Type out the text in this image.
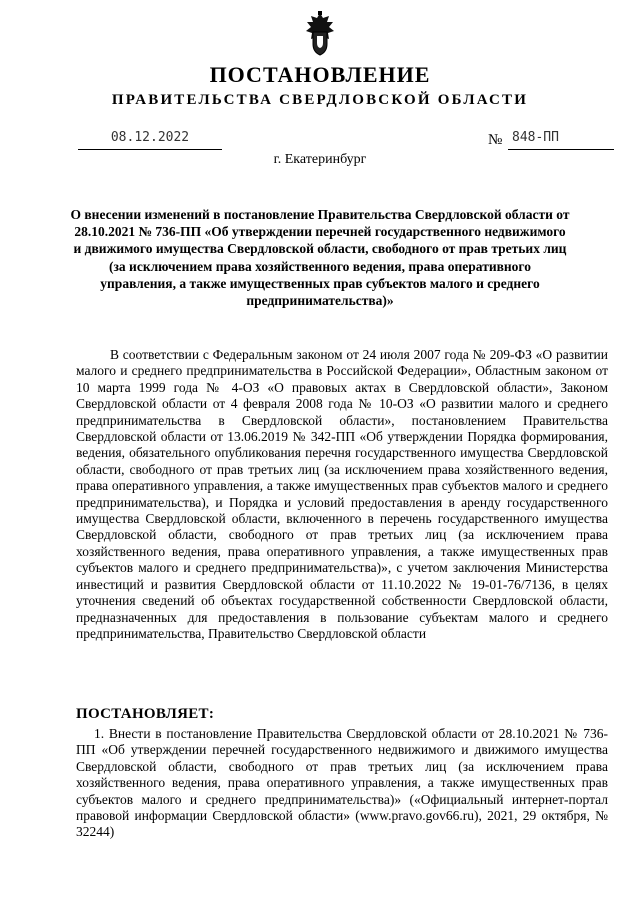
ПОСТАНОВЛЕНИЕ
ПРАВИТЕЛЬСТВА СВЕРДЛОВСКОЙ ОБЛАСТИ
08.12.2022	№ 848-ПП
г. Екатеринбург
О внесении изменений в постановление Правительства Свердловской области от 28.10.2021 № 736-ПП «Об утверждении перечней государственного недвижимого и движимого имущества Свердловской области, свободного от прав третьих лиц (за исключением права хозяйственного ведения, права оперативного управления, а также имущественных прав субъектов малого и среднего предпринимательства)»
В соответствии с Федеральным законом от 24 июля 2007 года № 209-ФЗ «О развитии малого и среднего предпринимательства в Российской Федерации», Областным законом от 10 марта 1999 года № 4-ОЗ «О правовых актах в Свердловской области», Законом Свердловской области от 4 февраля 2008 года № 10-ОЗ «О развитии малого и среднего предпринимательства в Свердловской области», постановлением Правительства Свердловской области от 13.06.2019 № 342-ПП «Об утверждении Порядка формирования, ведения, обязательного опубликования перечня государственного имущества Свердловской области, свободного от прав третьих лиц (за исключением права хозяйственного ведения, права оперативного управления, а также имущественных прав субъектов малого и среднего предпринимательства), и Порядка и условий предоставления в аренду государственного имущества Свердловской области, включенного в перечень государственного имущества Свердловской области, свободного от прав третьих лиц (за исключением права хозяйственного ведения, права оперативного управления, а также имущественных прав субъектов малого и среднего предпринимательства)», с учетом заключения Министерства инвестиций и развития Свердловской области от 11.10.2022 № 19-01-76/7136, в целях уточнения сведений об объектах государственной собственности Свердловской области, предназначенных для предоставления в пользование субъектам малого и среднего предпринимательства, Правительство Свердловской области
ПОСТАНОВЛЯЕТ:
1. Внести в постановление Правительства Свердловской области от 28.10.2021 № 736-ПП «Об утверждении перечней государственного недвижимого и движимого имущества Свердловской области, свободного от прав третьих лиц (за исключением права хозяйственного ведения, права оперативного управления, а также имущественных прав субъектов малого и среднего предпринимательства)» («Официальный интернет-портал правовой информации Свердловской области» (www.pravo.gov66.ru), 2021, 29 октября, № 32244)
